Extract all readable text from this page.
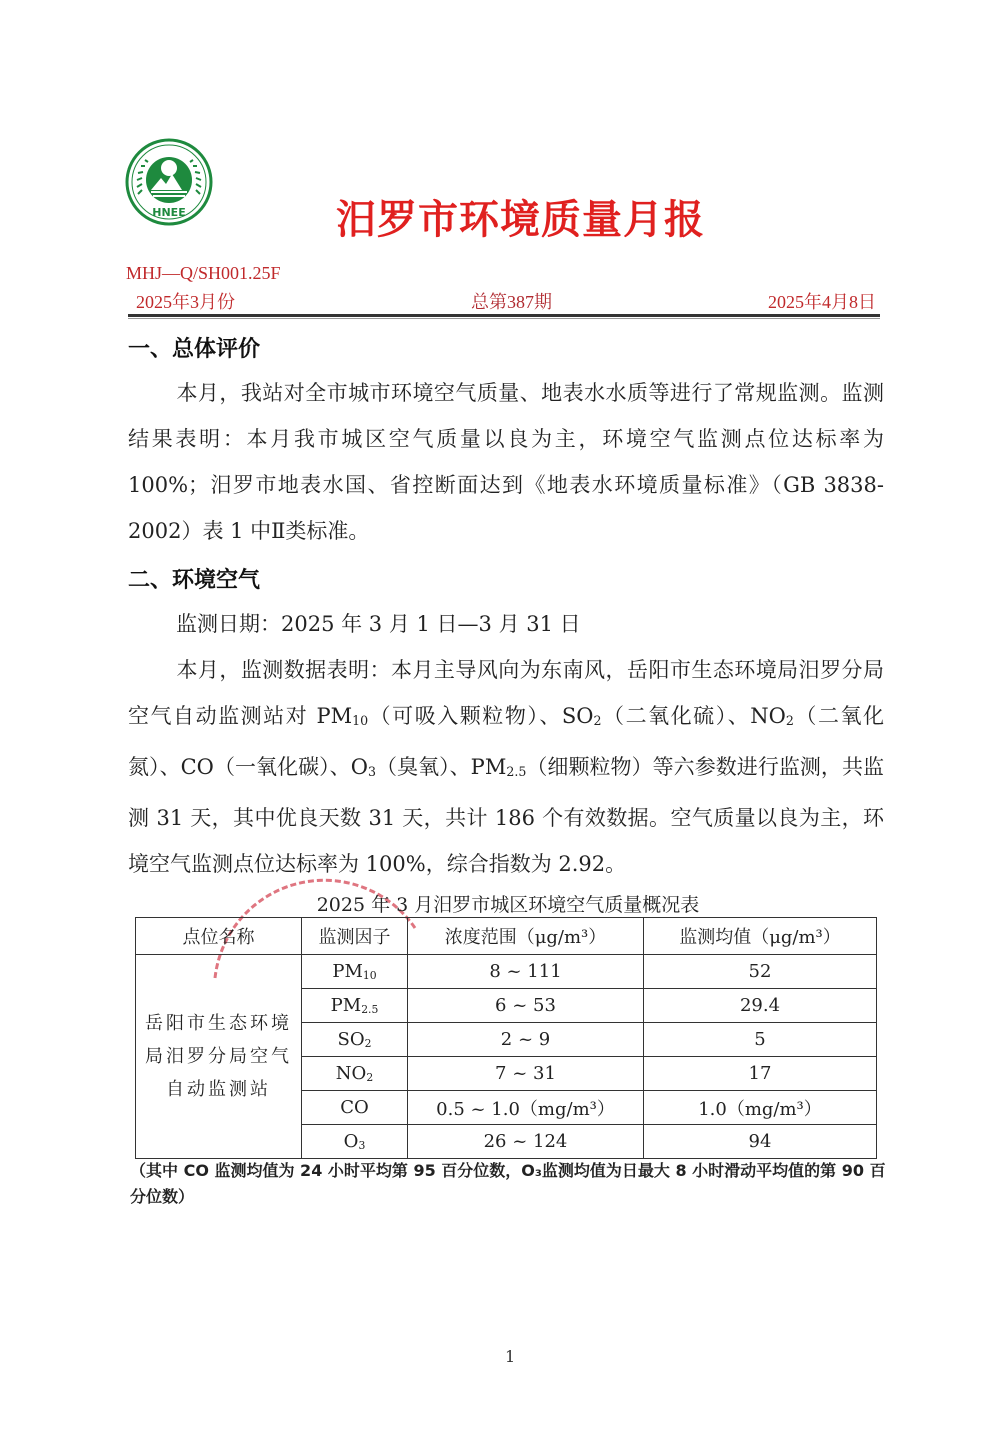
HNEE	汨罗市环境质量月报
MHJ—Q/SH001.25F
2025年3月份	总第387期	2025年4月8日
一、总体评价
本月，我站对全市城市环境空气质量、地表水水质等进行了常规监测。监测结果表明：本月我市城区空气质量以良为主，环境空气监测点位达标率为 100%；汨罗市地表水国、省控断面达到《地表水环境质量标准》（GB 3838-2002）表 1 中Ⅱ类标准。
二、环境空气
监测日期：2025 年 3 月 1 日—3 月 31 日
本月，监测数据表明：本月主导风向为东南风，岳阳市生态环境局汨罗分局空气自动监测站对 $PM_{10}$（可吸入颗粒物）、$SO_2$（二氧化硫）、$NO_2$（二氧化氮）、CO（一氧化碳）、$O_3$（臭氧）、$PM_{2.5}$（细颗粒物）等六参数进行监测，共监测 31 天，其中优良天数 31 天，共计 186 个有效数据。空气质量以良为主，环境空气监测点位达标率为 100%，综合指数为 2.92。
2025 年 3 月汨罗市城区环境空气质量概况表
点位名称	监测因子	浓度范围（μg/m³）	监测均值（μg/m³）

岳阳市生态环境局汨罗分局空气自动监测站	$PM_{10}$	8 ~ 111	52
	$PM_{2.5}$	6 ~ 53	29.4
	$SO_2$	2 ~ 9	5
	$NO_2$	7 ~ 31	17
	CO	0.5 ~ 1.0（mg/m³）	1.0（mg/m³）
	$O_3$	26 ~ 124	94
（其中 CO 监测均值为 24 小时平均第 95 百分位数，O₃监测均值为日最大 8 小时滑动平均值的第 90 百分位数）
1
